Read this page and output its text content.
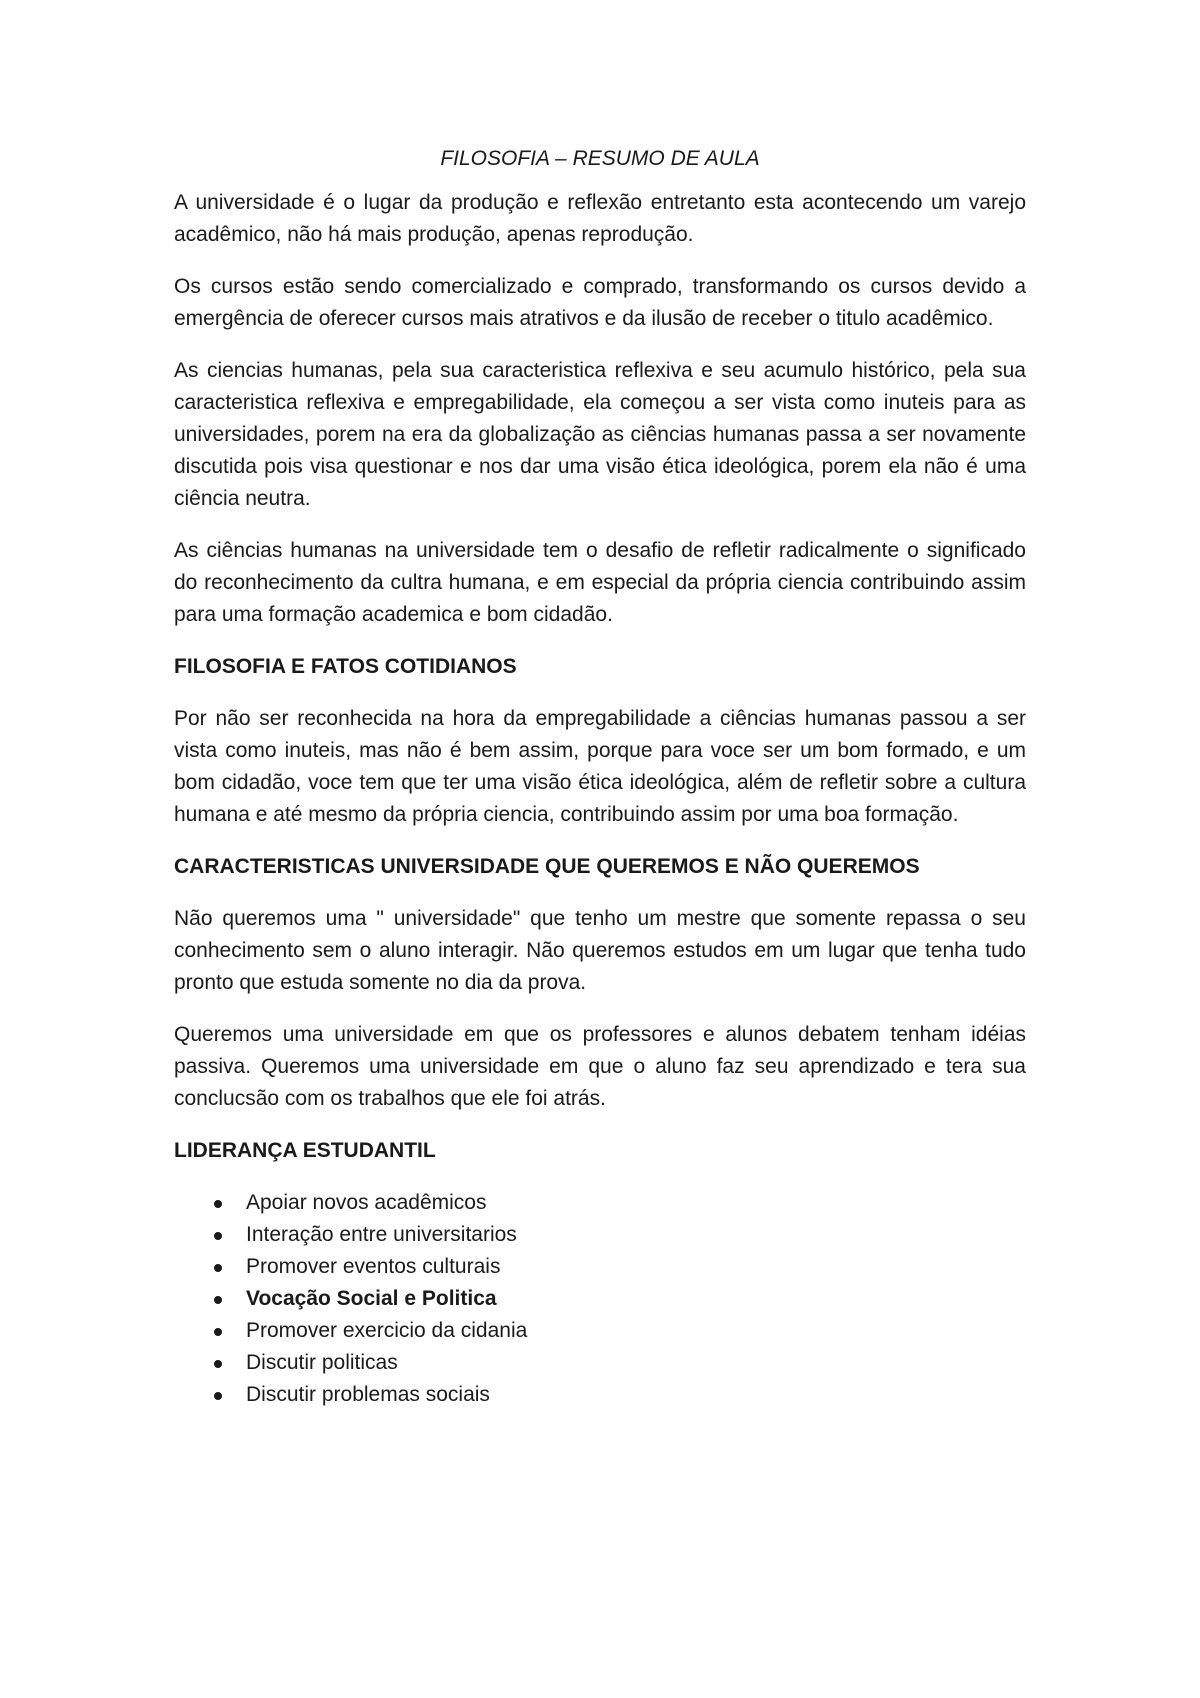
FILOSOFIA – RESUMO DE AULA

A universidade é o lugar da produção e reflexão entretanto esta acontecendo um varejo acadêmico, não há mais produção, apenas reprodução.

Os cursos estão sendo comercializado e comprado, transformando os cursos devido a emergência de oferecer cursos mais atrativos e da ilusão de receber o titulo acadêmico.

As ciencias humanas, pela sua caracteristica reflexiva e seu acumulo histórico, pela sua caracteristica reflexiva e empregabilidade, ela começou a ser vista como inuteis para as universidades, porem na era da globalização as ciências humanas passa a ser novamente discutida pois visa questionar e nos dar uma visão ética ideológica, porem ela não é uma ciência neutra.

As ciências humanas na universidade tem o desafio de refletir radicalmente o significado do reconhecimento da cultra humana, e em especial da própria ciencia contribuindo assim para uma formação academica e bom cidadão.

FILOSOFIA E FATOS COTIDIANOS

Por não ser reconhecida na hora da empregabilidade a ciências humanas passou a ser vista como inuteis, mas não é bem assim, porque para voce ser um bom formado, e um bom cidadão, voce tem que ter uma visão ética ideológica, além de refletir sobre a cultura humana e até mesmo da própria ciencia, contribuindo assim por uma boa formação.

CARACTERISTICAS UNIVERSIDADE QUE QUEREMOS E NÃO QUEREMOS

Não queremos uma " universidade" que tenho um mestre que somente repassa o seu conhecimento sem o aluno interagir. Não queremos estudos em um lugar que tenha tudo pronto que estuda somente no dia da prova.

Queremos uma universidade em que os professores e alunos debatem tenham idéias passiva. Queremos uma universidade em que o aluno faz seu aprendizado e tera sua conclucsão com os trabalhos que ele foi atrás.

LIDERANÇA ESTUDANTIL
Apoiar novos acadêmicos
Interação entre universitarios
Promover eventos culturais
Vocação Social e Politica
Promover exercicio da cidania
Discutir politicas
Discutir problemas sociais
